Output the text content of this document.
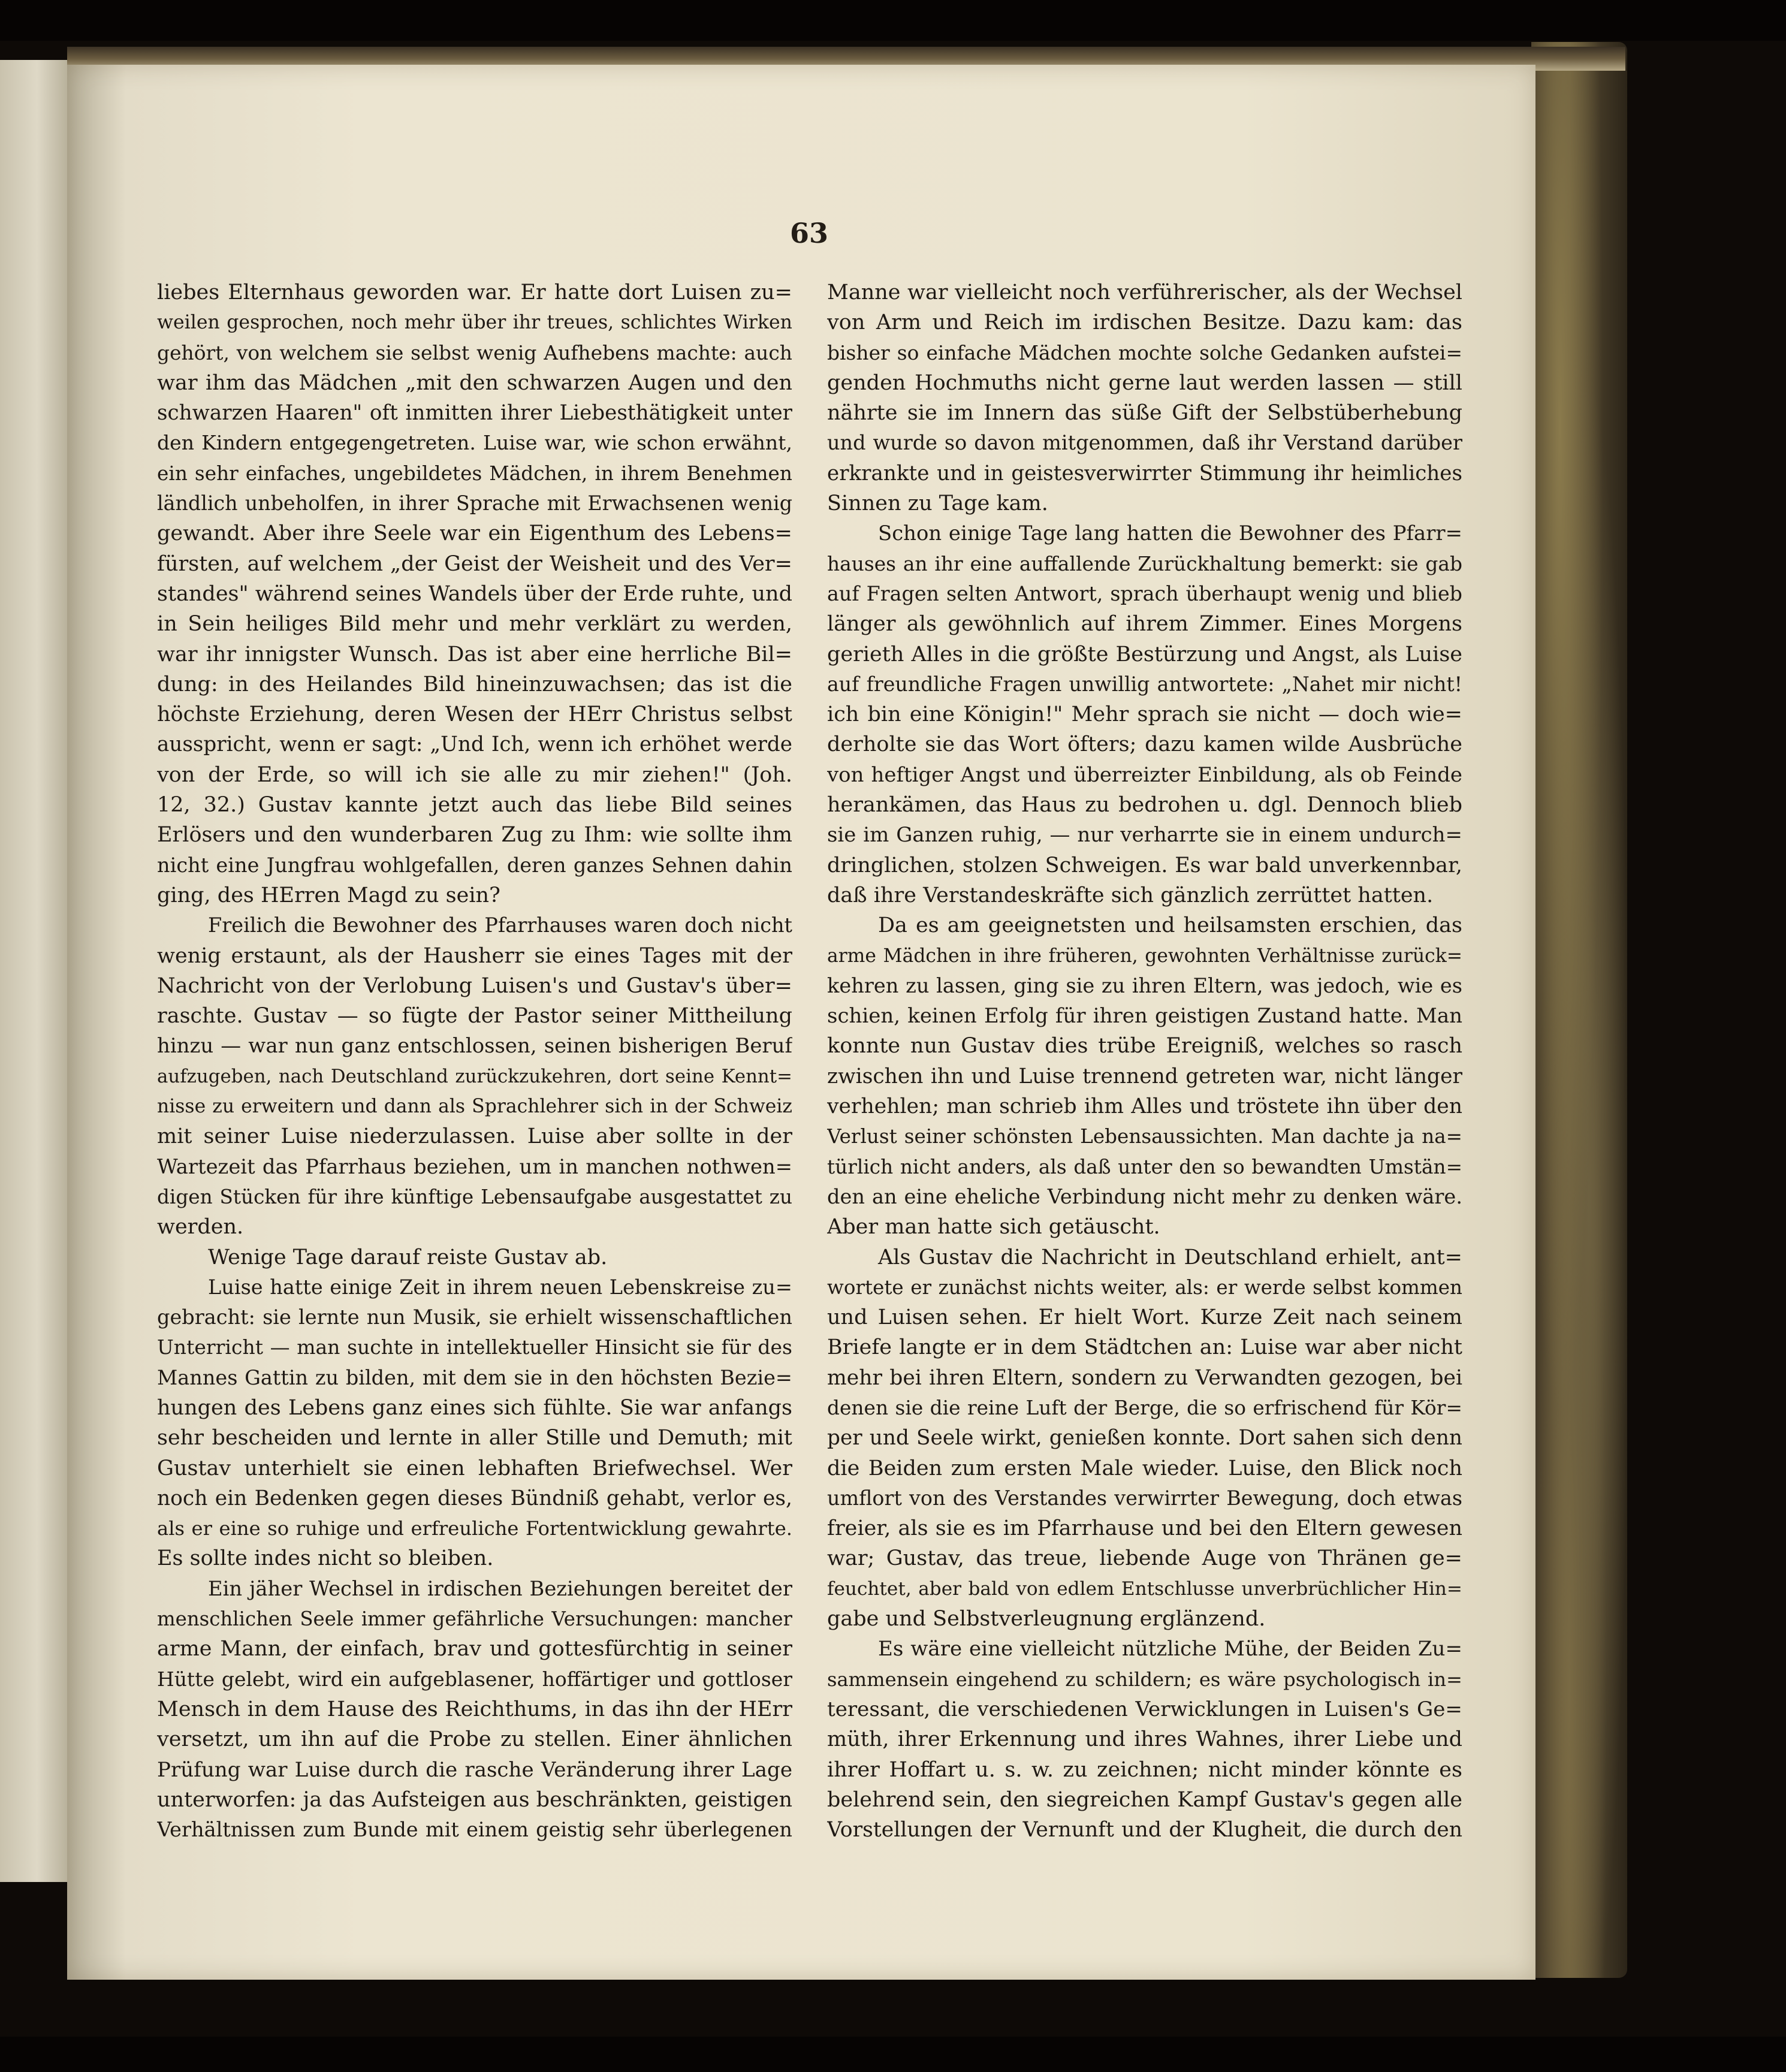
63
liebes Elternhaus geworden war. Er hatte dort Luisen zu=
weilen gesprochen, noch mehr über ihr treues, schlichtes Wirken
gehört, von welchem sie selbst wenig Aufhebens machte: auch
war ihm das Mädchen „mit den schwarzen Augen und den
schwarzen Haaren" oft inmitten ihrer Liebesthätigkeit unter
den Kindern entgegengetreten. Luise war, wie schon erwähnt,
ein sehr einfaches, ungebildetes Mädchen, in ihrem Benehmen
ländlich unbeholfen, in ihrer Sprache mit Erwachsenen wenig
gewandt. Aber ihre Seele war ein Eigenthum des Lebens=
fürsten, auf welchem „der Geist der Weisheit und des Ver=
standes" während seines Wandels über der Erde ruhte, und
in Sein heiliges Bild mehr und mehr verklärt zu werden,
war ihr innigster Wunsch. Das ist aber eine herrliche Bil=
dung: in des Heilandes Bild hineinzuwachsen; das ist die
höchste Erziehung, deren Wesen der HErr Christus selbst
ausspricht, wenn er sagt: „Und Ich, wenn ich erhöhet werde
von der Erde, so will ich sie alle zu mir ziehen!" (Joh.
12, 32.) Gustav kannte jetzt auch das liebe Bild seines
Erlösers und den wunderbaren Zug zu Ihm: wie sollte ihm
nicht eine Jungfrau wohlgefallen, deren ganzes Sehnen dahin
ging, des HErren Magd zu sein?
Freilich die Bewohner des Pfarrhauses waren doch nicht
wenig erstaunt, als der Hausherr sie eines Tages mit der
Nachricht von der Verlobung Luisen's und Gustav's über=
raschte. Gustav — so fügte der Pastor seiner Mittheilung
hinzu — war nun ganz entschlossen, seinen bisherigen Beruf
aufzugeben, nach Deutschland zurückzukehren, dort seine Kennt=
nisse zu erweitern und dann als Sprachlehrer sich in der Schweiz
mit seiner Luise niederzulassen. Luise aber sollte in der
Wartezeit das Pfarrhaus beziehen, um in manchen nothwen=
digen Stücken für ihre künftige Lebensaufgabe ausgestattet zu
werden.
Wenige Tage darauf reiste Gustav ab.
Luise hatte einige Zeit in ihrem neuen Lebenskreise zu=
gebracht: sie lernte nun Musik, sie erhielt wissenschaftlichen
Unterricht — man suchte in intellektueller Hinsicht sie für des
Mannes Gattin zu bilden, mit dem sie in den höchsten Bezie=
hungen des Lebens ganz eines sich fühlte. Sie war anfangs
sehr bescheiden und lernte in aller Stille und Demuth; mit
Gustav unterhielt sie einen lebhaften Briefwechsel. Wer
noch ein Bedenken gegen dieses Bündniß gehabt, verlor es,
als er eine so ruhige und erfreuliche Fortentwicklung gewahrte.
Es sollte indes nicht so bleiben.
Ein jäher Wechsel in irdischen Beziehungen bereitet der
menschlichen Seele immer gefährliche Versuchungen: mancher
arme Mann, der einfach, brav und gottesfürchtig in seiner
Hütte gelebt, wird ein aufgeblasener, hoffärtiger und gottloser
Mensch in dem Hause des Reichthums, in das ihn der HErr
versetzt, um ihn auf die Probe zu stellen. Einer ähnlichen
Prüfung war Luise durch die rasche Veränderung ihrer Lage
unterworfen: ja das Aufsteigen aus beschränkten, geistigen
Verhältnissen zum Bunde mit einem geistig sehr überlegenen
Manne war vielleicht noch verführerischer, als der Wechsel
von Arm und Reich im irdischen Besitze. Dazu kam: das
bisher so einfache Mädchen mochte solche Gedanken aufstei=
genden Hochmuths nicht gerne laut werden lassen — still
nährte sie im Innern das süße Gift der Selbstüberhebung
und wurde so davon mitgenommen, daß ihr Verstand darüber
erkrankte und in geistesverwirrter Stimmung ihr heimliches
Sinnen zu Tage kam.
Schon einige Tage lang hatten die Bewohner des Pfarr=
hauses an ihr eine auffallende Zurückhaltung bemerkt: sie gab
auf Fragen selten Antwort, sprach überhaupt wenig und blieb
länger als gewöhnlich auf ihrem Zimmer. Eines Morgens
gerieth Alles in die größte Bestürzung und Angst, als Luise
auf freundliche Fragen unwillig antwortete: „Nahet mir nicht!
ich bin eine Königin!" Mehr sprach sie nicht — doch wie=
derholte sie das Wort öfters; dazu kamen wilde Ausbrüche
von heftiger Angst und überreizter Einbildung, als ob Feinde
herankämen, das Haus zu bedrohen u. dgl. Dennoch blieb
sie im Ganzen ruhig, — nur verharrte sie in einem undurch=
dringlichen, stolzen Schweigen. Es war bald unverkennbar,
daß ihre Verstandeskräfte sich gänzlich zerrüttet hatten.
Da es am geeignetsten und heilsamsten erschien, das
arme Mädchen in ihre früheren, gewohnten Verhältnisse zurück=
kehren zu lassen, ging sie zu ihren Eltern, was jedoch, wie es
schien, keinen Erfolg für ihren geistigen Zustand hatte. Man
konnte nun Gustav dies trübe Ereigniß, welches so rasch
zwischen ihn und Luise trennend getreten war, nicht länger
verhehlen; man schrieb ihm Alles und tröstete ihn über den
Verlust seiner schönsten Lebensaussichten. Man dachte ja na=
türlich nicht anders, als daß unter den so bewandten Umstän=
den an eine eheliche Verbindung nicht mehr zu denken wäre.
Aber man hatte sich getäuscht.
Als Gustav die Nachricht in Deutschland erhielt, ant=
wortete er zunächst nichts weiter, als: er werde selbst kommen
und Luisen sehen. Er hielt Wort. Kurze Zeit nach seinem
Briefe langte er in dem Städtchen an: Luise war aber nicht
mehr bei ihren Eltern, sondern zu Verwandten gezogen, bei
denen sie die reine Luft der Berge, die so erfrischend für Kör=
per und Seele wirkt, genießen konnte. Dort sahen sich denn
die Beiden zum ersten Male wieder. Luise, den Blick noch
umflort von des Verstandes verwirrter Bewegung, doch etwas
freier, als sie es im Pfarrhause und bei den Eltern gewesen
war; Gustav, das treue, liebende Auge von Thränen ge=
feuchtet, aber bald von edlem Entschlusse unverbrüchlicher Hin=
gabe und Selbstverleugnung erglänzend.
Es wäre eine vielleicht nützliche Mühe, der Beiden Zu=
sammensein eingehend zu schildern; es wäre psychologisch in=
teressant, die verschiedenen Verwicklungen in Luisen's Ge=
müth, ihrer Erkennung und ihres Wahnes, ihrer Liebe und
ihrer Hoffart u. s. w. zu zeichnen; nicht minder könnte es
belehrend sein, den siegreichen Kampf Gustav's gegen alle
Vorstellungen der Vernunft und der Klugheit, die durch den
